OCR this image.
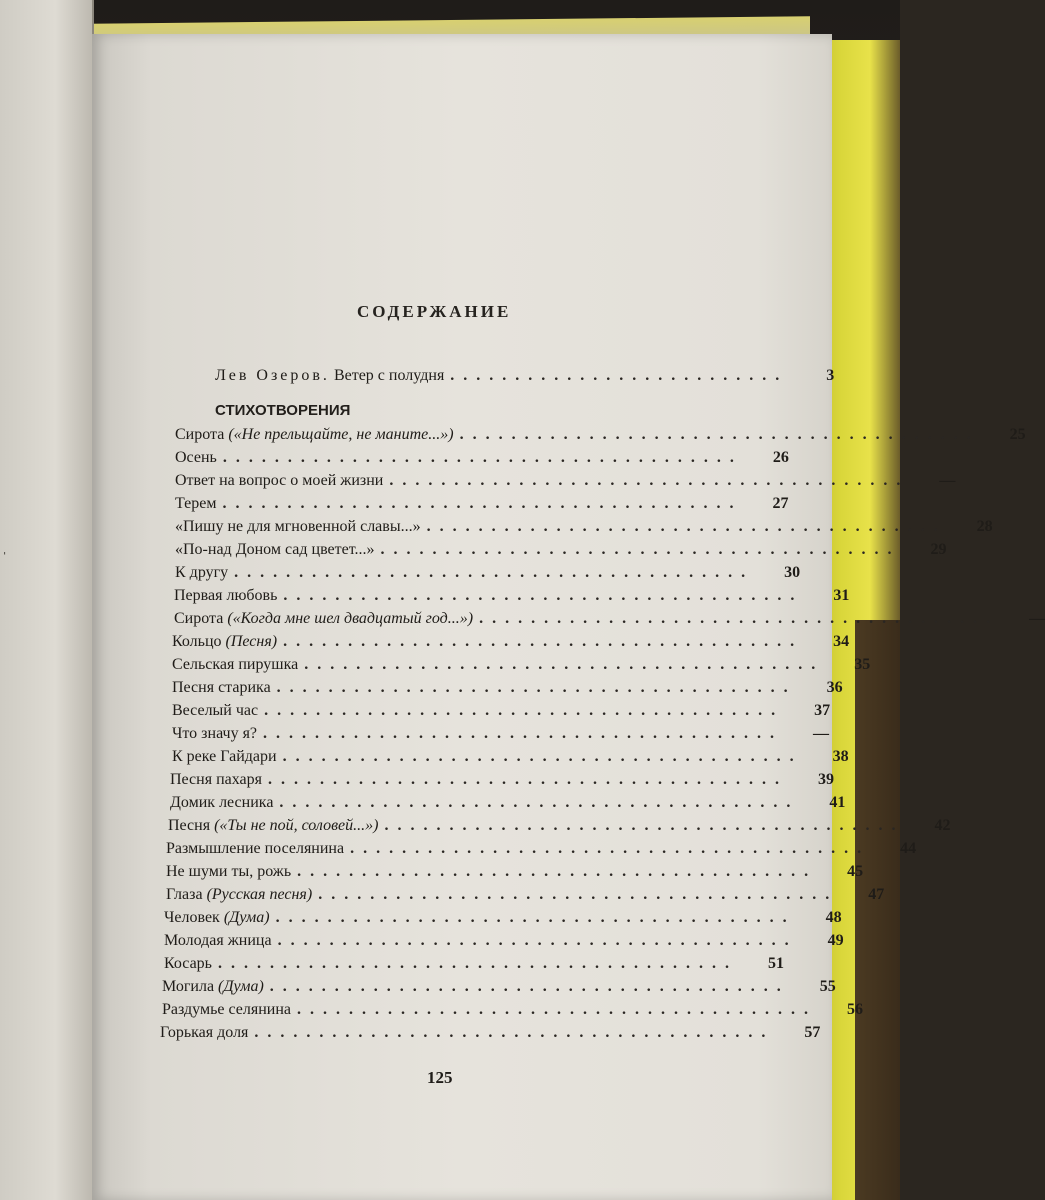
ˌ
СОДЕРЖАНИЕ
Лев Озеров. Ветер с полудня ..........................	3
СТИХОТВОРЕНИЯ
Сирота («Не прельщайте, не маните...») ........................................	25
Осень ........................................	26
Ответ на вопрос о моей жизни ........................................	—
Терем ........................................	27
«Пишу не для мгновенной славы...» ........................................	28
«По-над Доном сад цветет...» ........................................	29
К другу ........................................	30
Первая любовь ........................................	31
Сирота («Когда мне шел двадцатый год...») ........................................	—
Кольцо (Песня) ........................................	34
Сельская пирушка ........................................	35
Песня старика ........................................	36
Веселый час ........................................	37
Что значу я? ........................................	—
К реке Гайдари ........................................	38
Песня пахаря ........................................	39
Домик лесника ........................................	41
Песня («Ты не пой, соловей...») ........................................	42
Размышление поселянина ........................................	44
Не шуми ты, рожь ........................................	45
Глаза (Русская песня) ........................................	47
Человек (Дума) ........................................	48
Молодая жница ........................................	49
Косарь ........................................	51
Могила (Дума) ........................................	55
Раздумье селянина ........................................	56
Горькая доля ........................................	57
125
